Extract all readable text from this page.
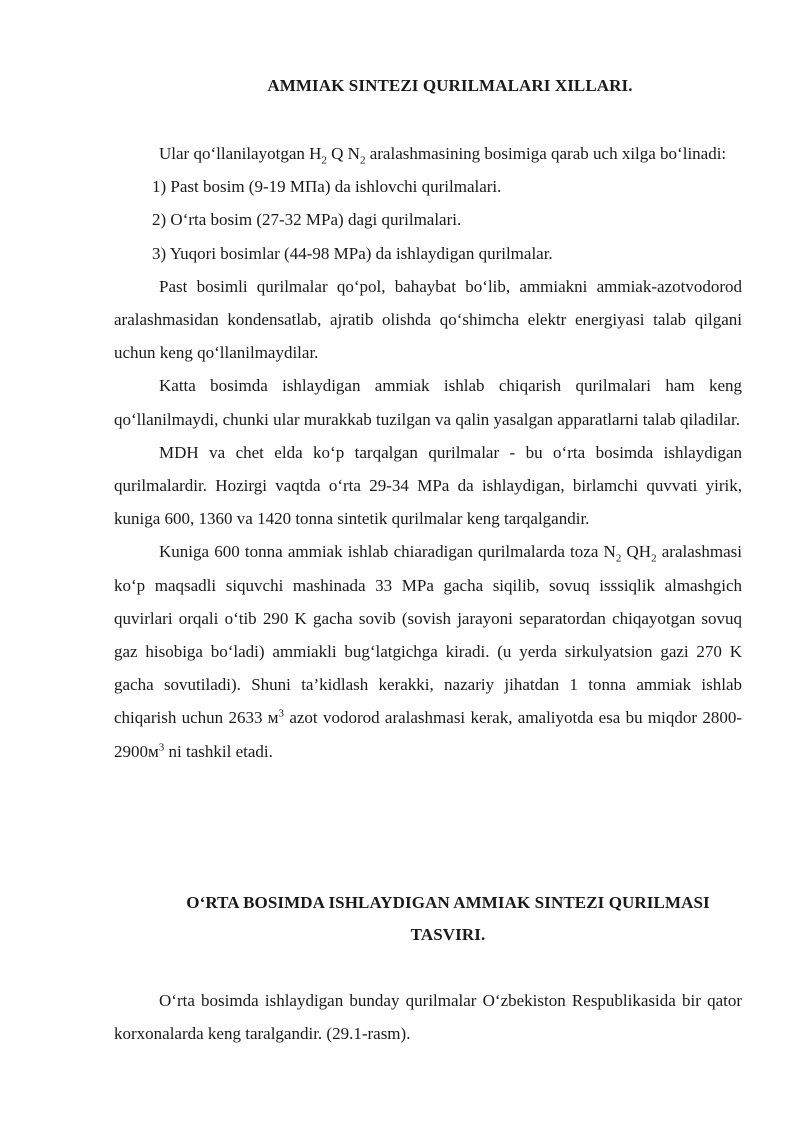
AMMIAK SINTEZI QURILMALARI XILLARI.

Ular qo‘llanilayotgan $H_2$ Q $N_2$ aralashmasining bosimiga qarab uch xilga bo‘linadi:

1) Past bosim (9-19 MПa) da ishlovchi qurilmalari.

2) O‘rta bosim (27-32 MPa) dagi qurilmalari.

3) Yuqori bosimlar (44-98 MPa) da ishlaydigan qurilmalar.

Past bosimli qurilmalar qo‘pol, bahaybat bo‘lib, ammiakni ammiak-azotvodorod aralashmasidan kondensatlab, ajratib olishda qo‘shimcha elektr energiyasi talab qilgani uchun keng qo‘llanilmaydilar.

Katta bosimda ishlaydigan ammiak ishlab chiqarish qurilmalari ham keng qo‘llanilmaydi, chunki ular murakkab tuzilgan va qalin yasalgan apparatlarni talab qiladilar.

MDH va chet elda ko‘p tarqalgan qurilmalar - bu o‘rta bosimda ishlaydigan qurilmalardir. Hozirgi vaqtda o‘rta 29-34 MPa da ishlaydigan, birlamchi quvvati yirik, kuniga 600, 1360 va 1420 tonna sintetik qurilmalar keng tarqalgandir.

Kuniga 600 tonna ammiak ishlab chiaradigan qurilmalarda toza $N_2$ $QH_2$ aralashmasi ko‘p maqsadli siquvchi mashinada 33 MPa gacha siqilib, sovuq isssiqlik almashgich quvirlari orqali o‘tib 290 K gacha sovib (sovish jarayoni separatordan chiqayotgan sovuq gaz hisobiga bo‘ladi) ammiakli bug‘latgichga kiradi. (u yerda sirkulyatsion gazi 270 K gacha sovutiladi). Shuni ta’kidlash kerakki, nazariy jihatdan 1 tonna ammiak ishlab chiqarish uchun 2633 $м^3$ azot vodorod aralashmasi kerak, amaliyotda esa bu miqdor $2800-2900м^3$ ni tashkil etadi.

O‘RTA BOSIMDA ISHLAYDIGAN AMMIAK SINTEZI QURILMASI TASVIRI.

O‘rta bosimda ishlaydigan bunday qurilmalar O‘zbekiston Respublikasida bir qator korxonalarda keng taralgandir. (29.1-rasm).
